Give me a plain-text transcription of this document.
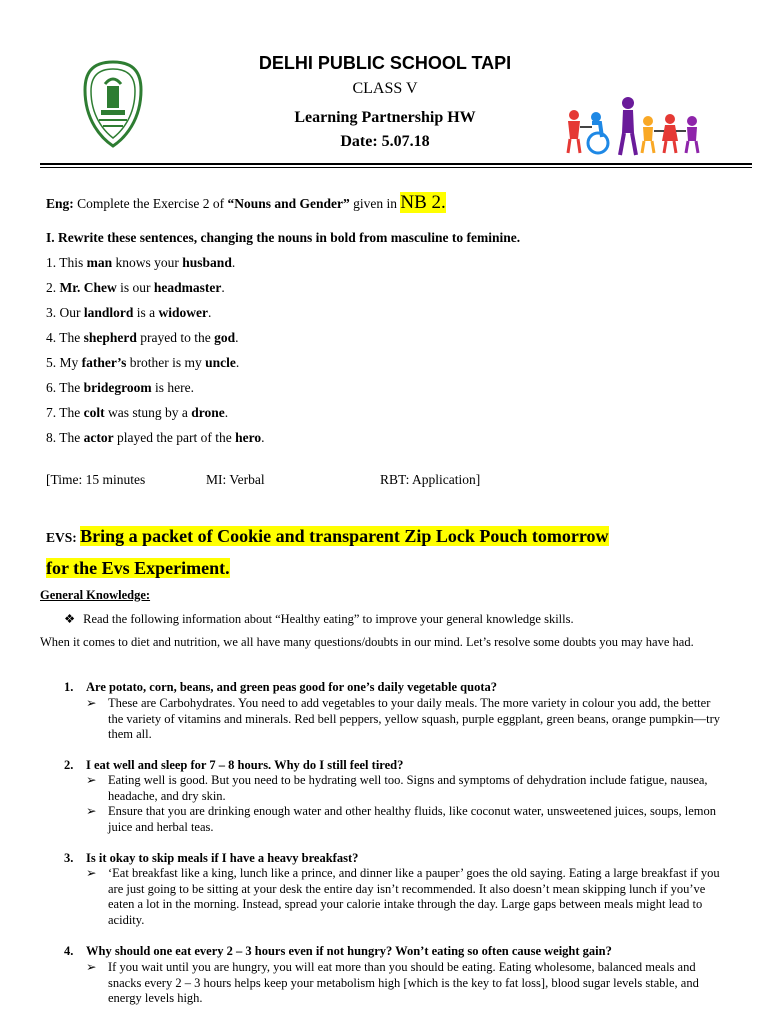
DELHI PUBLIC SCHOOL TAPI
CLASS V
Learning Partnership HW
Date: 5.07.18
Eng: Complete the Exercise 2 of “Nouns and Gender” given in NB 2.
I. Rewrite these sentences, changing the nouns in bold from masculine to feminine.
1. This man knows your husband.
2. Mr. Chew is our headmaster.
3. Our landlord is a widower.
4. The shepherd prayed to the god.
5. My father’s brother is my uncle.
6. The bridegroom is here.
7. The colt was stung by a drone.
8. The actor played the part of the hero.
[Time: 15 minutes	MI: Verbal	RBT: Application]
EVS: Bring a packet of Cookie and transparent Zip Lock Pouch tomorrow
for the Evs Experiment.
General Knowledge:
❖ Read the following information about “Healthy eating” to improve your general knowledge skills.
When it comes to diet and nutrition, we all have many questions/doubts in our mind. Let’s resolve some doubts you may have had.
1. Are potato, corn, beans, and green peas good for one’s daily vegetable quota?
➢ These are Carbohydrates. You need to add vegetables to your daily meals. The more variety in colour you add, the better the variety of vitamins and minerals. Red bell peppers, yellow squash, purple eggplant, green beans, orange pumpkin—try them all.
2. I eat well and sleep for 7 – 8 hours. Why do I still feel tired?
➢ Eating well is good. But you need to be hydrating well too. Signs and symptoms of dehydration include fatigue, nausea, headache, and dry skin.
➢ Ensure that you are drinking enough water and other healthy fluids, like coconut water, unsweetened juices, soups, lemon juice and herbal teas.
3. Is it okay to skip meals if I have a heavy breakfast?
➢ ‘Eat breakfast like a king, lunch like a prince, and dinner like a pauper’ goes the old saying. Eating a large breakfast if you are just going to be sitting at your desk the entire day isn’t recommended. It also doesn’t mean skipping lunch if you’ve eaten a lot in the morning. Instead, spread your calorie intake through the day. Large gaps between meals might lead to acidity.
4. Why should one eat every 2 – 3 hours even if not hungry? Won’t eating so often cause weight gain?
➢ If you wait until you are hungry, you will eat more than you should be eating. Eating wholesome, balanced meals and snacks every 2 – 3 hours helps keep your metabolism high [which is the key to fat loss], blood sugar levels stable, and energy levels high.
